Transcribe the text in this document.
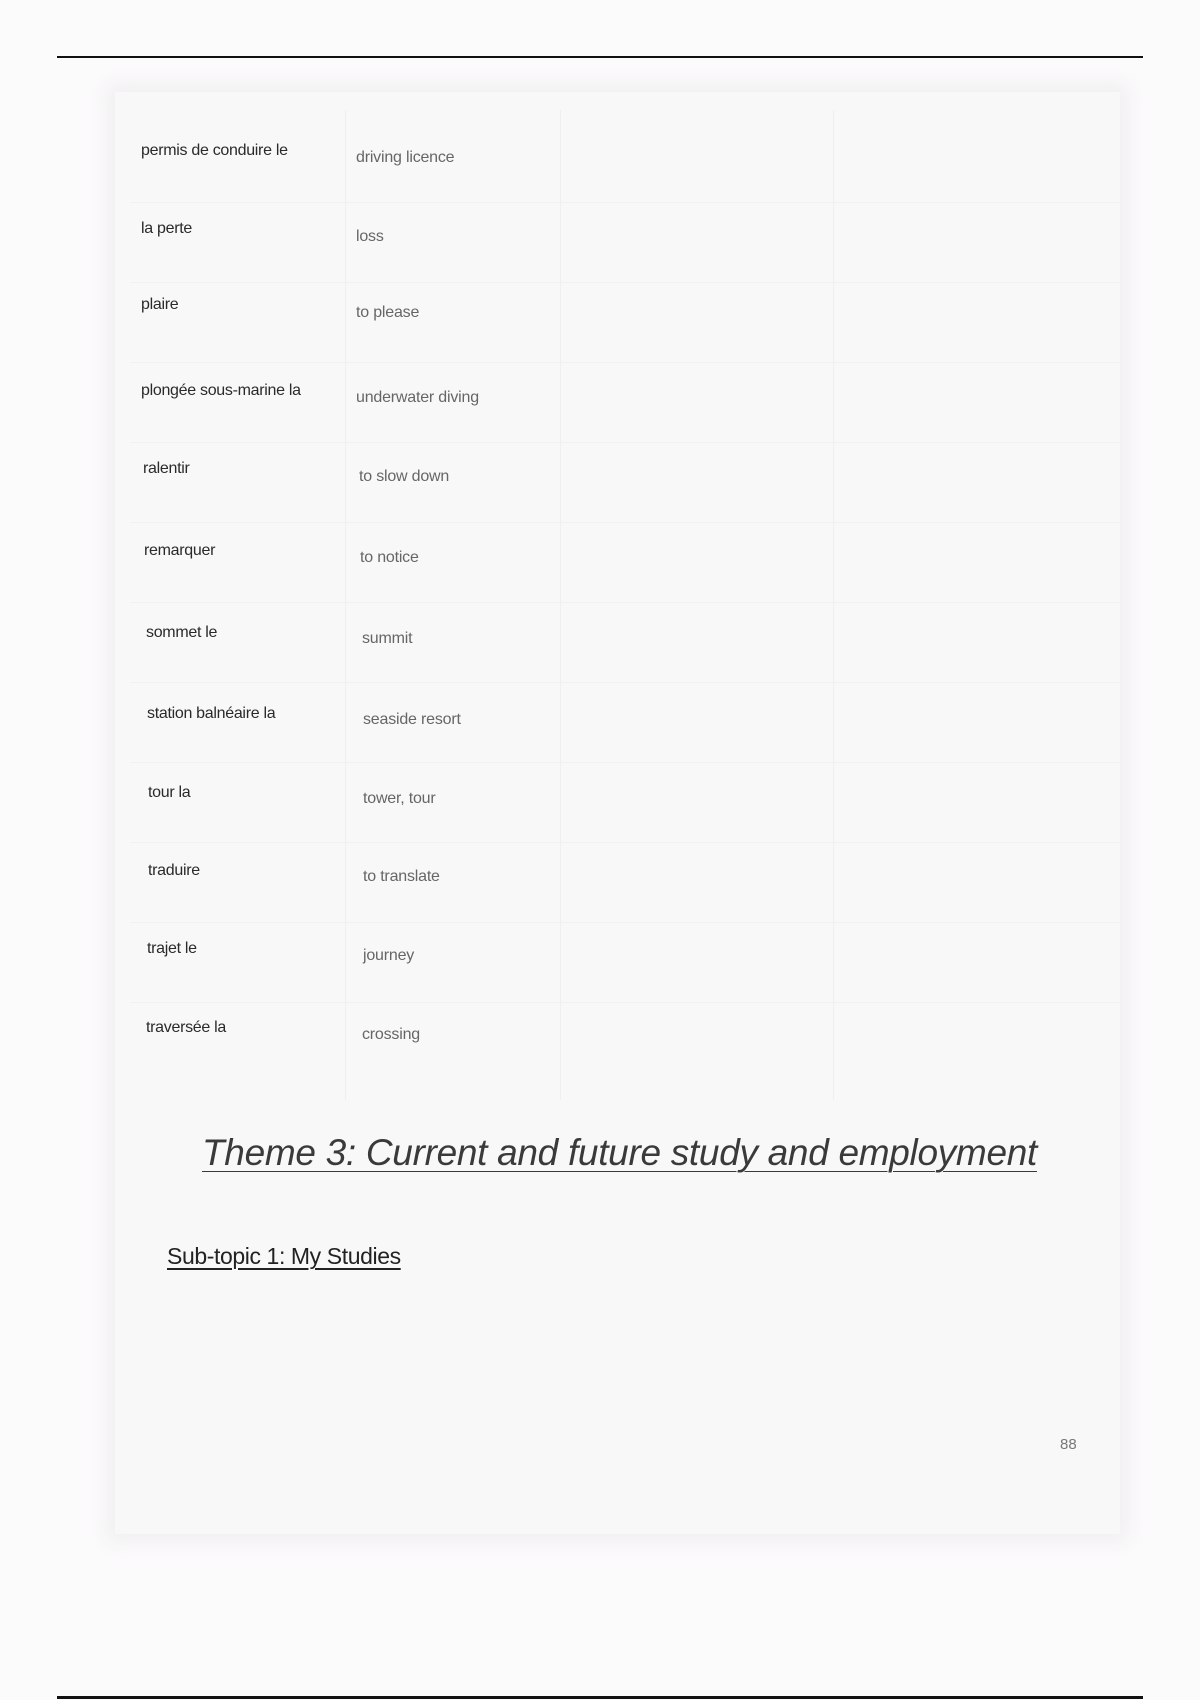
permis de conduire le	driving licence
la perte	loss
plaire	to please
plongée sous-marine la	underwater diving
ralentir	to slow down
remarquer	to notice
sommet le	summit
station balnéaire la	seaside resort
tour la	tower, tour
traduire	to translate
trajet le	journey
traversée la	crossing
Theme 3: Current and future study and employment
Sub-topic 1: My Studies
88
